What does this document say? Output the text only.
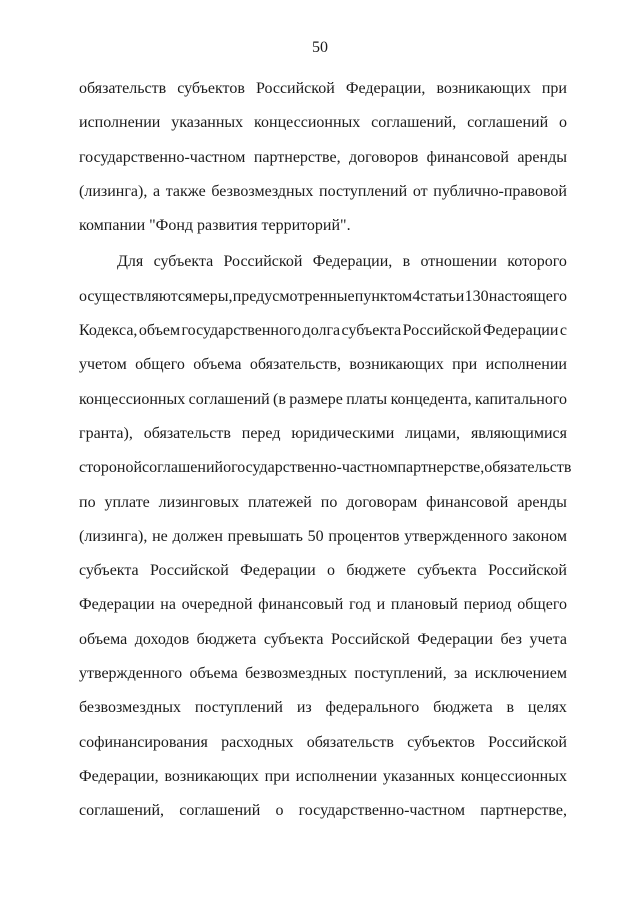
50
обязательств субъектов Российской Федерации, возникающих при
исполнении указанных концессионных соглашений, соглашений о
государственно-частном партнерстве, договоров финансовой аренды
(лизинга), а также безвозмездных поступлений от публично-правовой
компании "Фонд развития территорий".
Для субъекта Российской Федерации, в отношении которого
осуществляются меры, предусмотренные пунктом 4 статьи 130 настоящего
Кодекса, объем государственного долга субъекта Российской Федерации с
учетом общего объема обязательств, возникающих при исполнении
концессионных соглашений (в размере платы концедента, капитального
гранта), обязательств перед юридическими лицами, являющимися
стороной соглашений о государственно-частном партнерстве, обязательств
по уплате лизинговых платежей по договорам финансовой аренды
(лизинга), не должен превышать 50 процентов утвержденного законом
субъекта Российской Федерации о бюджете субъекта Российской
Федерации на очередной финансовый год и плановый период общего
объема доходов бюджета субъекта Российской Федерации без учета
утвержденного объема безвозмездных поступлений, за исключением
безвозмездных поступлений из федерального бюджета в целях
софинансирования расходных обязательств субъектов Российской
Федерации, возникающих при исполнении указанных концессионных
соглашений, соглашений о государственно-частном партнерстве,
